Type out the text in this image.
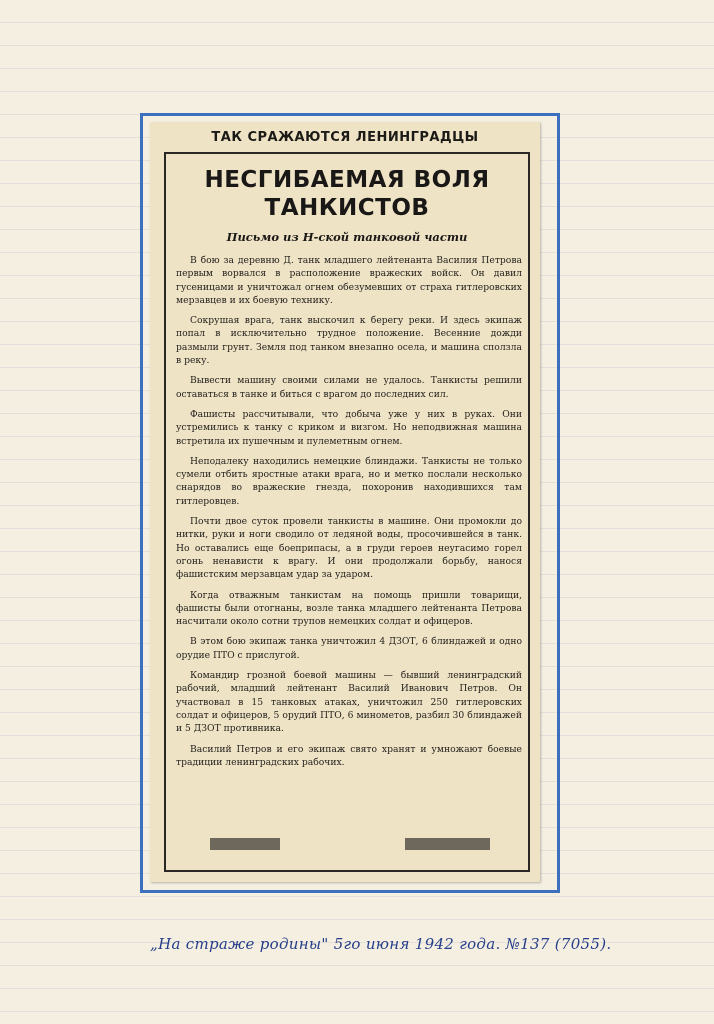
ТАК СРАЖАЮТСЯ ЛЕНИНГРАДЦЫ
НЕСГИБАЕМАЯ ВОЛЯ ТАНКИСТОВ
Письмо из Н-ской танковой части

В бою за деревню Д. танк младшего лейтенанта Василия Петрова первым ворвался в расположение вражеских войск. Он давил гусеницами и уничтожал огнем обезумевших от страха гитлеровских мерзавцев и их боевую технику.

Сокрушая врага, танк выскочил к берегу реки. И здесь экипаж попал в исключительно трудное положение. Весенние дожди размыли грунт. Земля под танком внезапно осела, и машина сползла в реку.

Вывести машину своими силами не удалось. Танкисты решили оставаться в танке и биться с врагом до последних сил.

Фашисты рассчитывали, что добыча уже у них в руках. Они устремились к танку с криком и визгом. Но неподвижная машина встретила их пушечным и пулеметным огнем.

Неподалеку находились немецкие блиндажи. Танкисты не только сумели отбить яростные атаки врага, но и метко послали несколько снарядов во вражеские гнезда, похоронив находившихся там гитлеровцев.

Почти двое суток провели танкисты в машине. Они промокли до нитки, руки и ноги сводило от ледяной воды, просочившейся в танк. Но оставались еще боеприпасы, а в груди героев неугасимо горел огонь ненависти к врагу. И они продолжали борьбу, нанося фашистским мерзавцам удар за ударом.

Когда отважным танкистам на помощь пришли товарищи, фашисты были отогнаны, возле танка младшего лейтенанта Петрова насчитали около сотни трупов немецких солдат и офицеров.

В этом бою экипаж танка уничтожил 4 ДЗОТ, 6 блиндажей и одно орудие ПТО с прислугой.

Командир грозной боевой машины — бывший ленинградский рабочий, младший лейтенант Василий Иванович Петров. Он участвовал в 15 танковых атаках, уничтожил 250 гитлеровских солдат и офицеров, 5 орудий ПТО, 6 минометов, разбил 30 блиндажей и 5 ДЗОТ противника.

Василий Петров и его экипаж свято хранят и умножают боевые традиции ленинградских рабочих.

„На страже родины" 5го июня 1942 года. №137 (7055).
